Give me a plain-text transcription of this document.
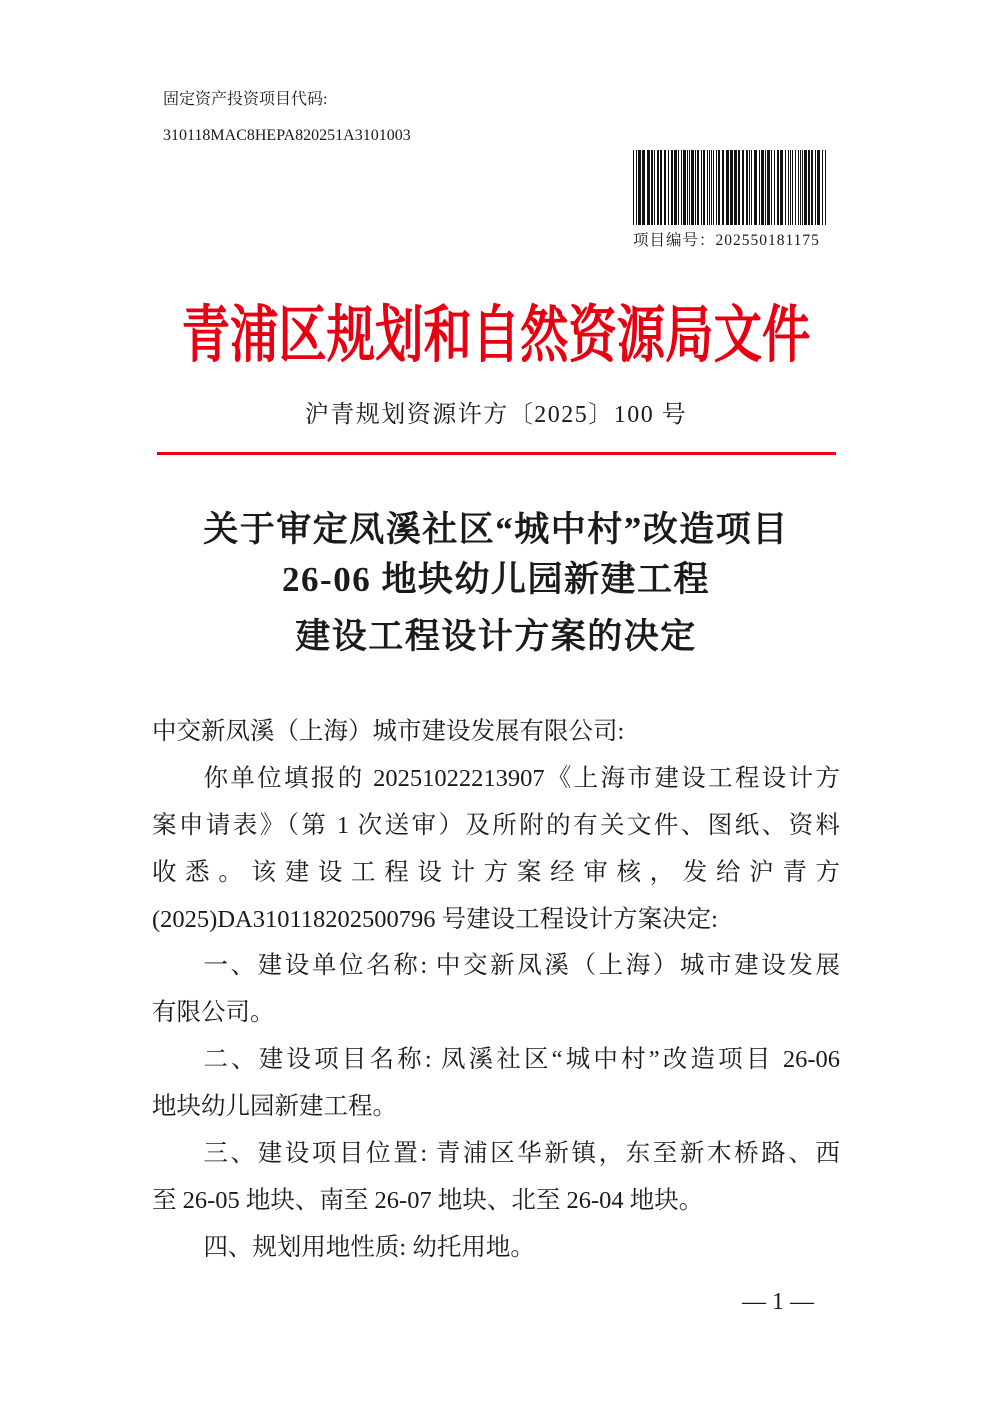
固定资产投资项目代码:
310118MAC8HEPA820251A3101003
项目编号：202550181175
青浦区规划和自然资源局文件
沪青规划资源许方〔2025〕100 号
关于审定凤溪社区“城中村”改造项目
26-06 地块幼儿园新建工程
建设工程设计方案的决定
中交新凤溪（上海）城市建设发展有限公司:
你单位填报的 20251022213907《上海市建设工程设计方
案申请表》（第 1 次送审）及所附的有关文件、图纸、资料
收悉。该建设工程设计方案经审核，发给沪青方
(2025)DA310118202500796 号建设工程设计方案决定:
一、建设单位名称: 中交新凤溪（上海）城市建设发展
有限公司。
二、建设项目名称: 凤溪社区“城中村”改造项目 26-06
地块幼儿园新建工程。
三、建设项目位置: 青浦区华新镇，东至新木桥路、西
至 26-05 地块、南至 26-07 地块、北至 26-04 地块。
四、规划用地性质: 幼托用地。
— 1 —
